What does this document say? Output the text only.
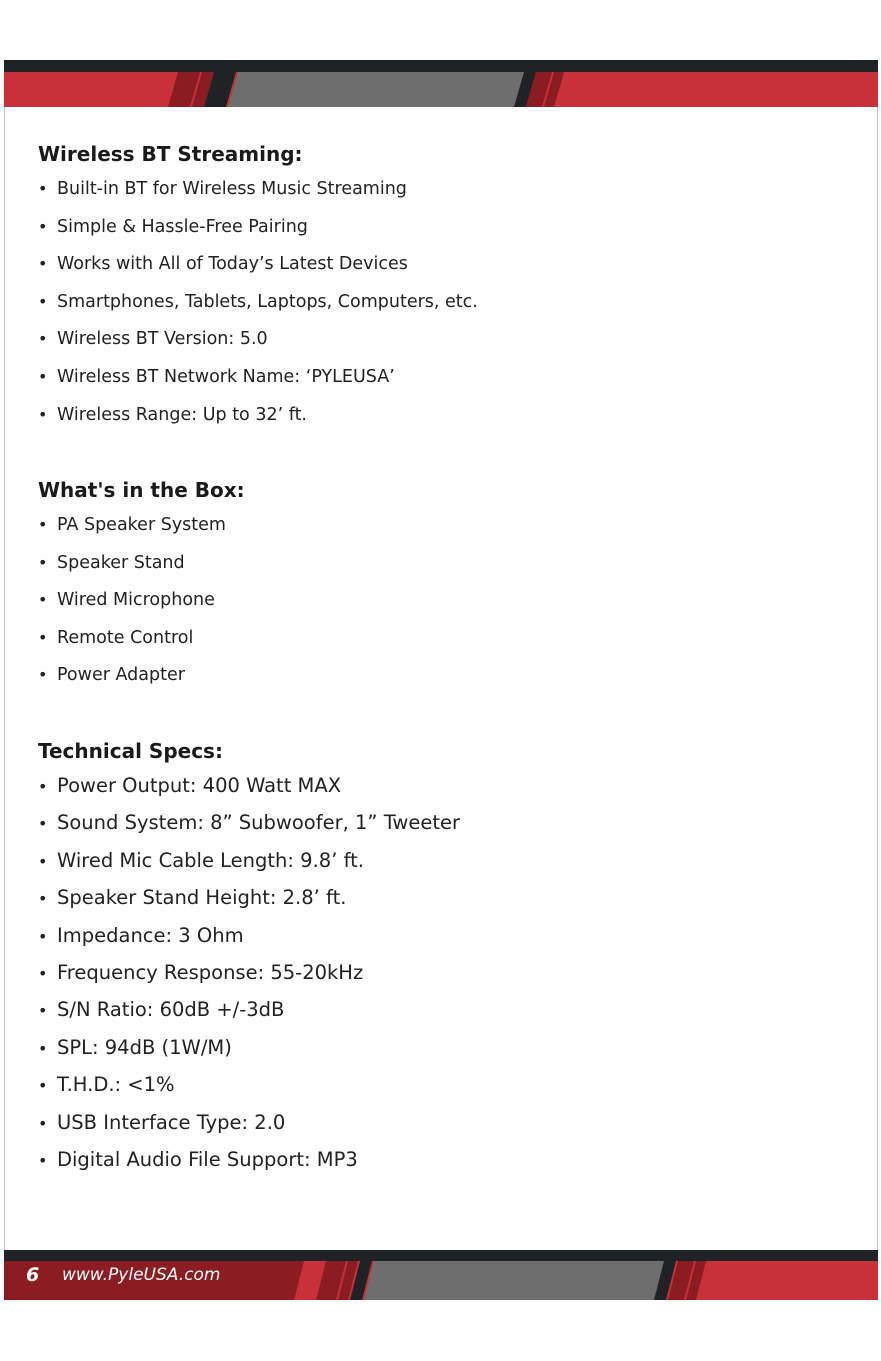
Wireless BT Streaming:
• Built-in BT for Wireless Music Streaming
• Simple & Hassle-Free Pairing
• Works with All of Today’s Latest Devices
• Smartphones, Tablets, Laptops, Computers, etc.
• Wireless BT Version: 5.0
• Wireless BT Network Name: ‘PYLEUSA’
• Wireless Range: Up to 32’ ft.
What's in the Box:
• PA Speaker System
• Speaker Stand
• Wired Microphone
• Remote Control
• Power Adapter
Technical Specs:
• Power Output: 400 Watt MAX
• Sound System: 8” Subwoofer, 1” Tweeter
• Wired Mic Cable Length: 9.8’ ft.
• Speaker Stand Height: 2.8’ ft.
• Impedance: 3 Ohm
• Frequency Response: 55-20kHz
• S/N Ratio: 60dB +/-3dB
• SPL: 94dB (1W/M)
• T.H.D.: <1%
• USB Interface Type: 2.0
• Digital Audio File Support: MP3
6 www.PyleUSA.com
